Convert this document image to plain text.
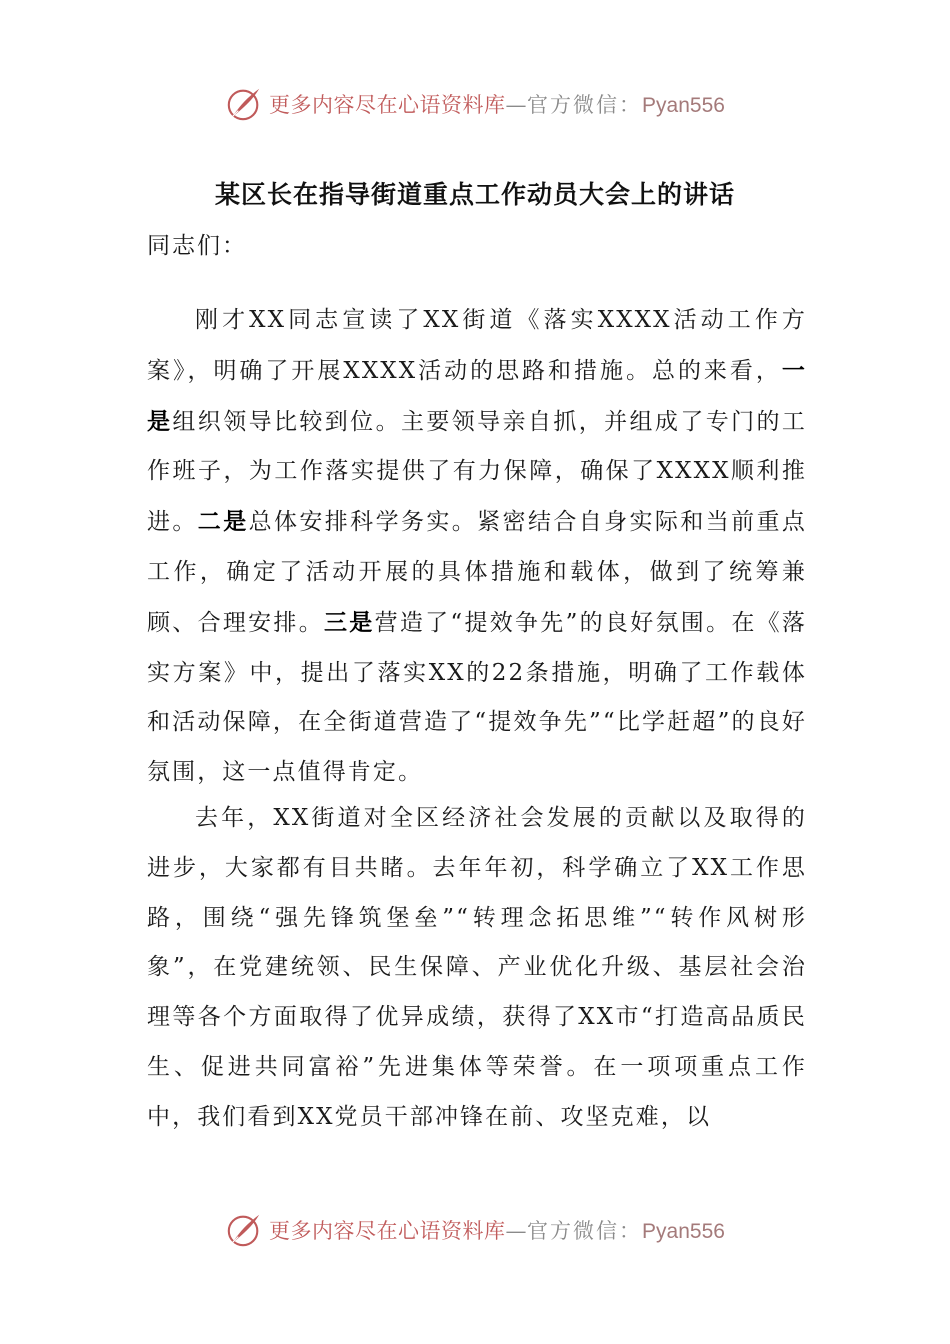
更多内容尽在心语资料库—官方微信：Pyan556
某区长在指导街道重点工作动员大会上的讲话
同志们：

刚才XX同志宣读了XX街道《落实XXXX活动工作方案》，明确了开展XXXX活动的思路和措施。总的来看，一是组织领导比较到位。主要领导亲自抓，并组成了专门的工作班子，为工作落实提供了有力保障，确保了XXXX顺利推进。二是总体安排科学务实。紧密结合自身实际和当前重点工作，确定了活动开展的具体措施和载体，做到了统筹兼顾、合理安排。三是营造了“提效争先”的良好氛围。在《落实方案》中，提出了落实XX的22条措施，明确了工作载体和活动保障，在全街道营造了“提效争先”“比学赶超”的良好氛围，这一点值得肯定。

去年，XX街道对全区经济社会发展的贡献以及取得的进步，大家都有目共睹。去年年初，科学确立了XX工作思路，围绕“强先锋筑堡垒”“转理念拓思维”“转作风树形象”，在党建统领、民生保障、产业优化升级、基层社会治理等各个方面取得了优异成绩，获得了XX市“打造高品质民生、促进共同富裕”先进集体等荣誉。在一项项重点工作中，我们看到XX党员干部冲锋在前、攻坚克难，以

更多内容尽在心语资料库—官方微信：Pyan556
